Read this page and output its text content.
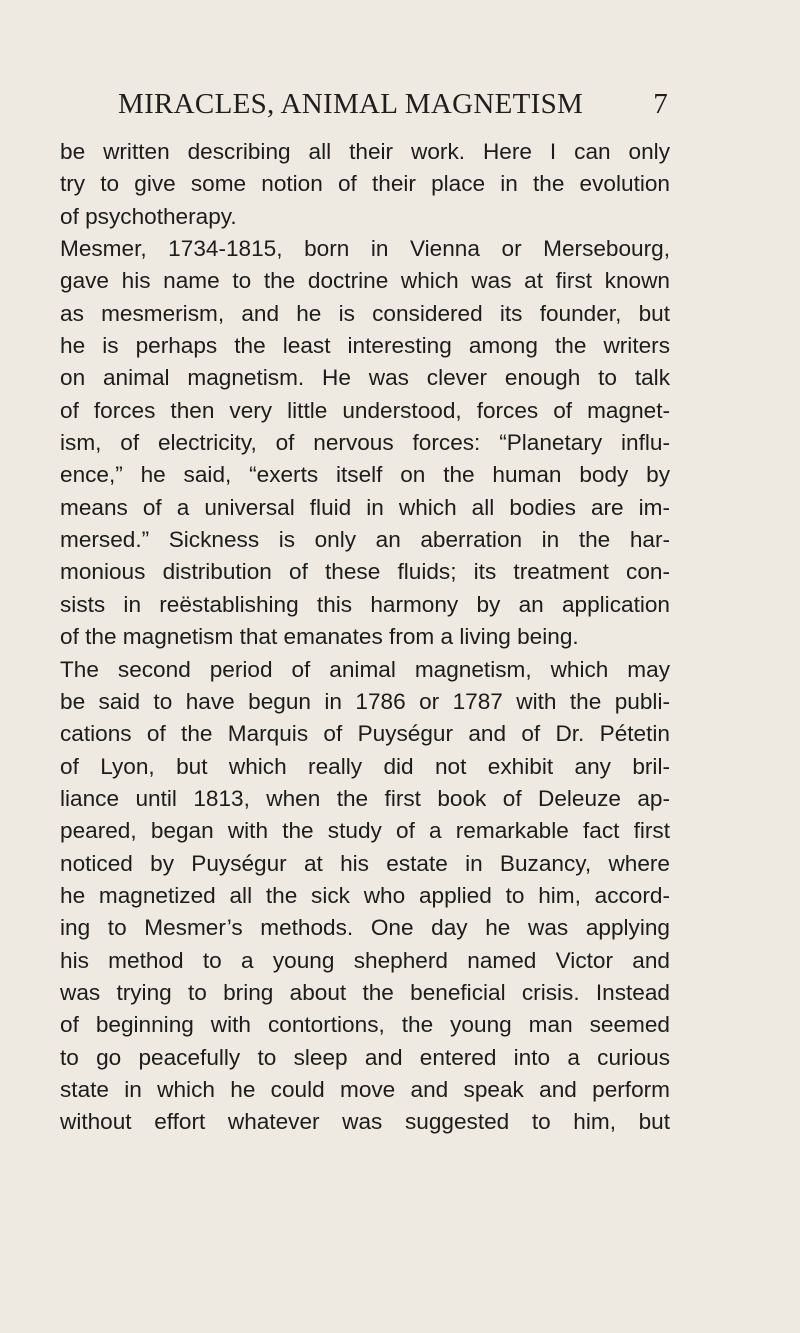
MIRACLES, ANIMAL MAGNETISM 7
be written describing all their work. Here I can only
try to give some notion of their place in the evolution
of psychotherapy.
Mesmer, 1734-1815, born in Vienna or Mersebourg,
gave his name to the doctrine which was at first known
as mesmerism, and he is considered its founder, but
he is perhaps the least interesting among the writers
on animal magnetism. He was clever enough to talk
of forces then very little understood, forces of magnet-
ism, of electricity, of nervous forces: “Planetary influ-
ence,” he said, “exerts itself on the human body by
means of a universal fluid in which all bodies are im-
mersed.” Sickness is only an aberration in the har-
monious distribution of these fluids; its treatment con-
sists in reëstablishing this harmony by an application
of the magnetism that emanates from a living being.
The second period of animal magnetism, which may
be said to have begun in 1786 or 1787 with the publi-
cations of the Marquis of Puységur and of Dr. Pétetin
of Lyon, but which really did not exhibit any bril-
liance until 1813, when the first book of Deleuze ap-
peared, began with the study of a remarkable fact first
noticed by Puységur at his estate in Buzancy, where
he magnetized all the sick who applied to him, accord-
ing to Mesmer’s methods. One day he was applying
his method to a young shepherd named Victor and
was trying to bring about the beneficial crisis. Instead
of beginning with contortions, the young man seemed
to go peacefully to sleep and entered into a curious
state in which he could move and speak and perform
without effort whatever was suggested to him, but
